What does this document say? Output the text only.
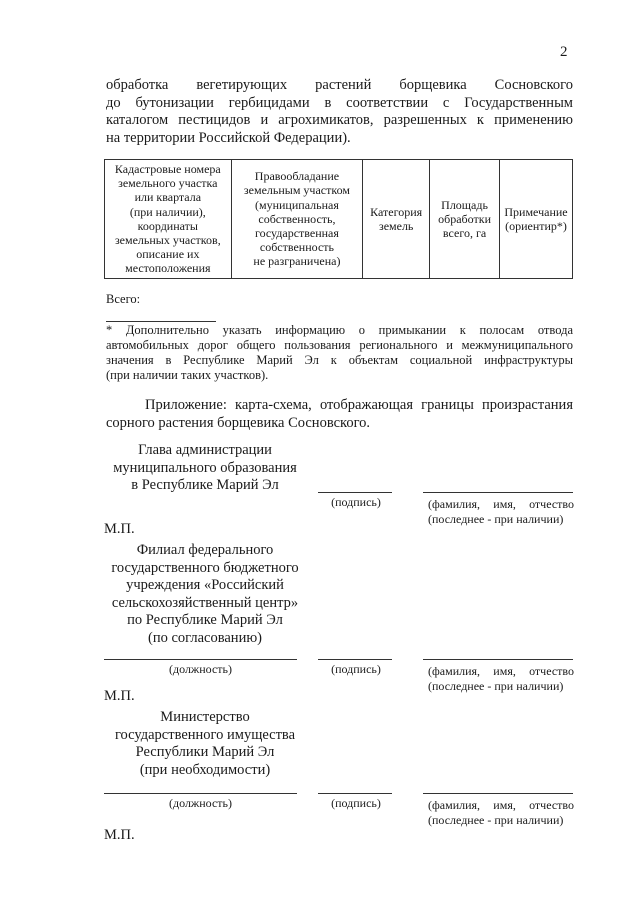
2
обработка вегетирующих растений борщевика Сосновского
до бутонизации гербицидами в соответствии с Государственным
каталогом пестицидов и агрохимикатов, разрешенных к применению
на территории Российской Федерации).
Кадастровые номера
земельного участка
или квартала
(при наличии),
координаты
земельных участков,
описание их
местоположения	Правообладание
земельным участком
(муниципальная
собственность,
государственная
собственность
не разграничена)	Категория
земель	Площадь
обработки
всего, га	Примечание
(ориентир*)
Всего:
* Дополнительно указать информацию о примыкании к полосам отвода
автомобильных дорог общего пользования регионального и межмуниципального
значения в Республике Марий Эл к объектам социальной инфраструктуры
(при наличии таких участков).
Приложение: карта-схема, отображающая границы произрастания
сорного растения борщевика Сосновского.
Глава администрации
муниципального образования
в Республике Марий Эл
(подпись)	(фамилия, имя, отчество
(последнее - при наличии)
М.П.
Филиал федерального
государственного бюджетного
учреждения «Российский
сельскохозяйственный центр»
по Республике Марий Эл
(по согласованию)
(должность)	(подпись)	(фамилия, имя, отчество
(последнее - при наличии)
М.П.
Министерство
государственного имущества
Республики Марий Эл
(при необходимости)
(должность)	(подпись)	(фамилия, имя, отчество
(последнее - при наличии)
М.П.
